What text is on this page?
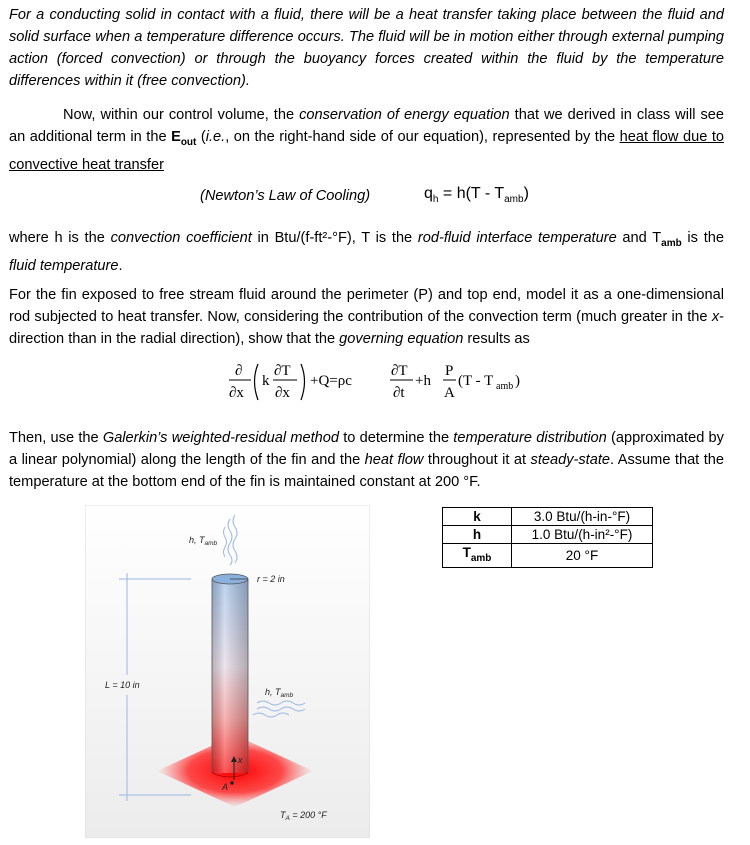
For a conducting solid in contact with a fluid, there will be a heat transfer taking place between the fluid and solid surface when a temperature difference occurs. The fluid will be in motion either through external pumping action (forced convection) or through the buoyancy forces created within the fluid by the temperature differences within it (free convection).

Now, within our control volume, the conservation of energy equation that we derived in class will see an additional term in the $E_{out}$ (i.e., on the right-hand side of our equation), represented by the heat flow due to convective heat transfer

(Newton’s Law of Cooling)	$q_h = h(T - T_{amb})$

where h is the convection coefficient in Btu/(f-ft²-°F), T is the rod-fluid interface temperature and $T_{amb}$ is the fluid temperature.

For the fin exposed to free stream fluid around the perimeter (P) and top end, model it as a one-dimensional rod subjected to heat transfer. Now, considering the contribution of the convection term (much greater in the x-direction than in the radial direction), show that the governing equation results as

∂
∂x
k
∂T
∂x
+Q=ρc
∂T
∂t
+h
P
A
(T - T amb )

Then, use the Galerkin’s weighted-residual method to determine the temperature distribution (approximated by a linear polynomial) along the length of the fin and the heat flow throughout it at steady-state. Assume that the temperature at the bottom end of the fin is maintained constant at 200 °F.

k	3.0 Btu/(h-in-°F)
h	1.0 Btu/(h-in²-°F)
$T_{amb}$	20 °F
h, $T_{amb}$
r = 2 in
L = 10 in
h, $T_{amb}$
x
A
$T_A = 200$ °F
